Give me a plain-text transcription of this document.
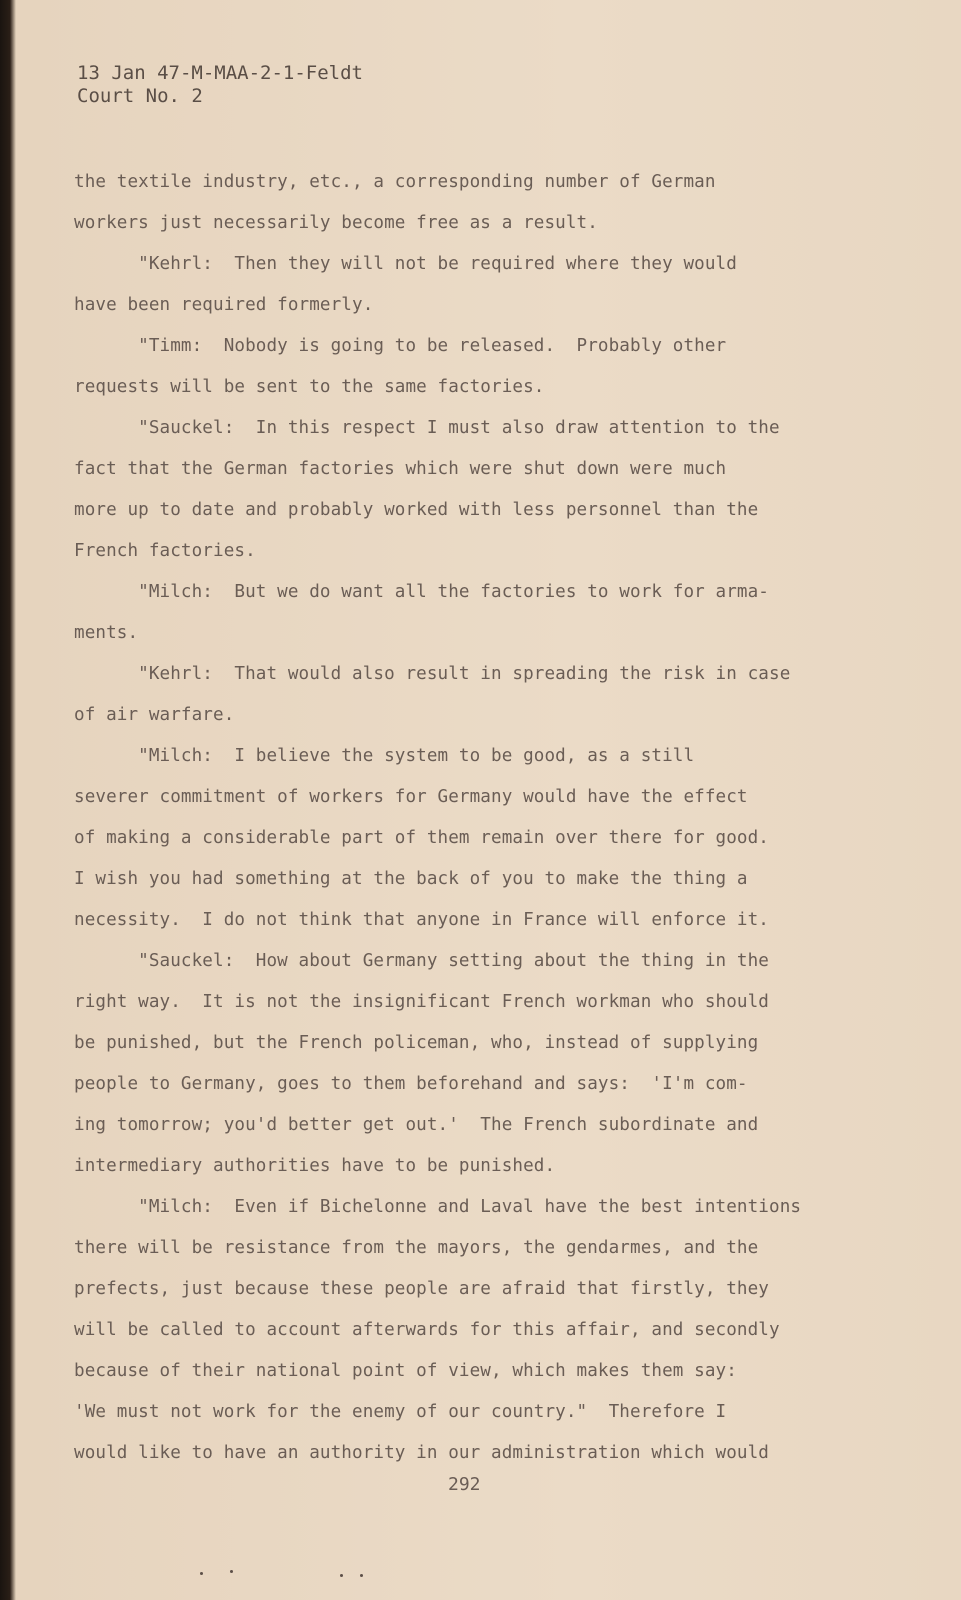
13 Jan 47-M-MAA-2-1-Feldt
Court No. 2
the textile industry, etc., a corresponding number of German
workers just necessarily become free as a result.
"Kehrl:  Then they will not be required where they would
have been required formerly.
"Timm:  Nobody is going to be released.  Probably other
requests will be sent to the same factories.
"Sauckel:  In this respect I must also draw attention to the
fact that the German factories which were shut down were much
more up to date and probably worked with less personnel than the
French factories.
"Milch:  But we do want all the factories to work for arma-
ments.
"Kehrl:  That would also result in spreading the risk in case
of air warfare.
"Milch:  I believe the system to be good, as a still
severer commitment of workers for Germany would have the effect
of making a considerable part of them remain over there for good.
I wish you had something at the back of you to make the thing a
necessity.  I do not think that anyone in France will enforce it.
"Sauckel:  How about Germany setting about the thing in the
right way.  It is not the insignificant French workman who should
be punished, but the French policeman, who, instead of supplying
people to Germany, goes to them beforehand and says:  'I'm com-
ing tomorrow; you'd better get out.'  The French subordinate and
intermediary authorities have to be punished.
"Milch:  Even if Bichelonne and Laval have the best intentions
there will be resistance from the mayors, the gendarmes, and the
prefects, just because these people are afraid that firstly, they
will be called to account afterwards for this affair, and secondly
because of their national point of view, which makes them say:
'We must not work for the enemy of our country."  Therefore I
would like to have an authority in our administration which would
292
